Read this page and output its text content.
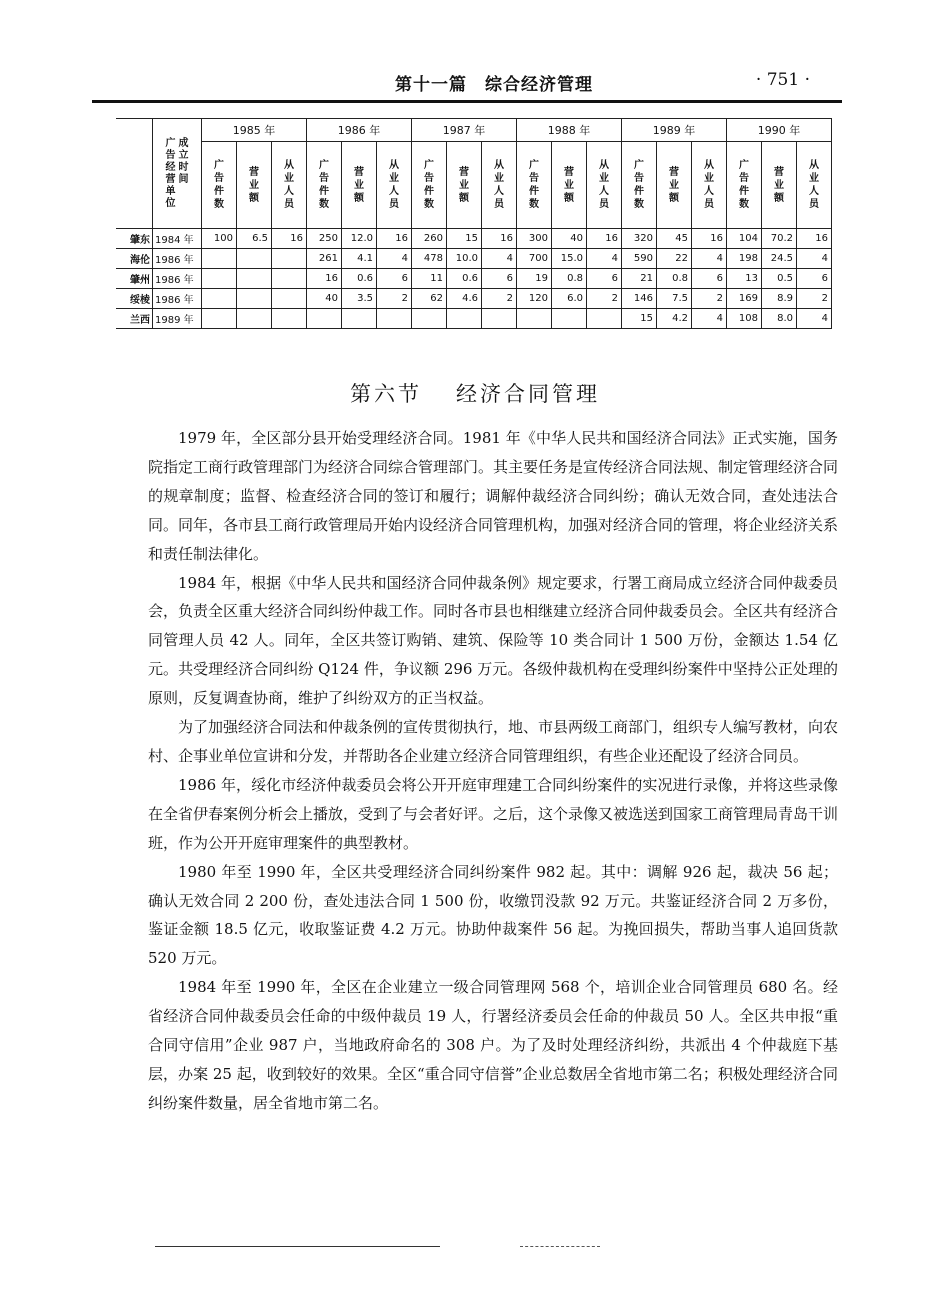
第十一篇　综合经济管理	· 751 ·

	广告经营单位
成立时间	1985 年			1986 年			1987 年			1988 年			1989 年			1990 年		
		广告件数	营业额	从业人员	广告件数	营业额	从业人员	广告件数	营业额	从业人员	广告件数	营业额	从业人员	广告件数	营业额	从业人员	广告件数	营业额	从业人员
肇东	1984 年	100	6.5	16	250	12.0	16	260	15	16	300	40	16	320	45	16	104	70.2	16
海伦	1986 年				261	4.1	4	478	10.0	4	700	15.0	4	590	22	4	198	24.5	4
肇州	1986 年				16	0.6	6	11	0.6	6	19	0.8	6	21	0.8	6	13	0.5	6
绥棱	1986 年				40	3.5	2	62	4.6	2	120	6.0	2	146	7.5	2	169	8.9	2
兰西	1989 年													15	4.2	4	108	8.0	4
第六节 经济合同管理

1979 年，全区部分县开始受理经济合同。1981 年《中华人民共和国经济合同法》正式实施，国务院指定工商行政管理部门为经济合同综合管理部门。其主要任务是宣传经济合同法规、制定管理经济合同的规章制度；监督、检查经济合同的签订和履行；调解仲裁经济合同纠纷；确认无效合同，查处违法合同。同年，各市县工商行政管理局开始内设经济合同管理机构，加强对经济合同的管理，将企业经济关系和责任制法律化。

1984 年，根据《中华人民共和国经济合同仲裁条例》规定要求，行署工商局成立经济合同仲裁委员会，负责全区重大经济合同纠纷仲裁工作。同时各市县也相继建立经济合同仲裁委员会。全区共有经济合同管理人员 42 人。同年，全区共签订购销、建筑、保险等 10 类合同计 1 500 万份，金额达 1.54 亿元。共受理经济合同纠纷 Q124 件，争议额 296 万元。各级仲裁机构在受理纠纷案件中坚持公正处理的原则，反复调查协商，维护了纠纷双方的正当权益。

为了加强经济合同法和仲裁条例的宣传贯彻执行，地、市县两级工商部门，组织专人编写教材，向农村、企事业单位宣讲和分发，并帮助各企业建立经济合同管理组织，有些企业还配设了经济合同员。

1986 年，绥化市经济仲裁委员会将公开开庭审理建工合同纠纷案件的实况进行录像，并将这些录像在全省伊春案例分析会上播放，受到了与会者好评。之后，这个录像又被选送到国家工商管理局青岛干训班，作为公开开庭审理案件的典型教材。

1980 年至 1990 年，全区共受理经济合同纠纷案件 982 起。其中：调解 926 起，裁决 56 起；确认无效合同 2 200 份，查处违法合同 1 500 份，收缴罚没款 92 万元。共鉴证经济合同 2 万多份，鉴证金额 18.5 亿元，收取鉴证费 4.2 万元。协助仲裁案件 56 起。为挽回损失，帮助当事人追回货款 520 万元。

1984 年至 1990 年，全区在企业建立一级合同管理网 568 个，培训企业合同管理员 680 名。经省经济合同仲裁委员会任命的中级仲裁员 19 人，行署经济委员会任命的仲裁员 50 人。全区共申报“重合同守信用”企业 987 户，当地政府命名的 308 户。为了及时处理经济纠纷，共派出 4 个仲裁庭下基层，办案 25 起，收到较好的效果。全区“重合同守信誉”企业总数居全省地市第二名；积极处理经济合同纠纷案件数量，居全省地市第二名。
